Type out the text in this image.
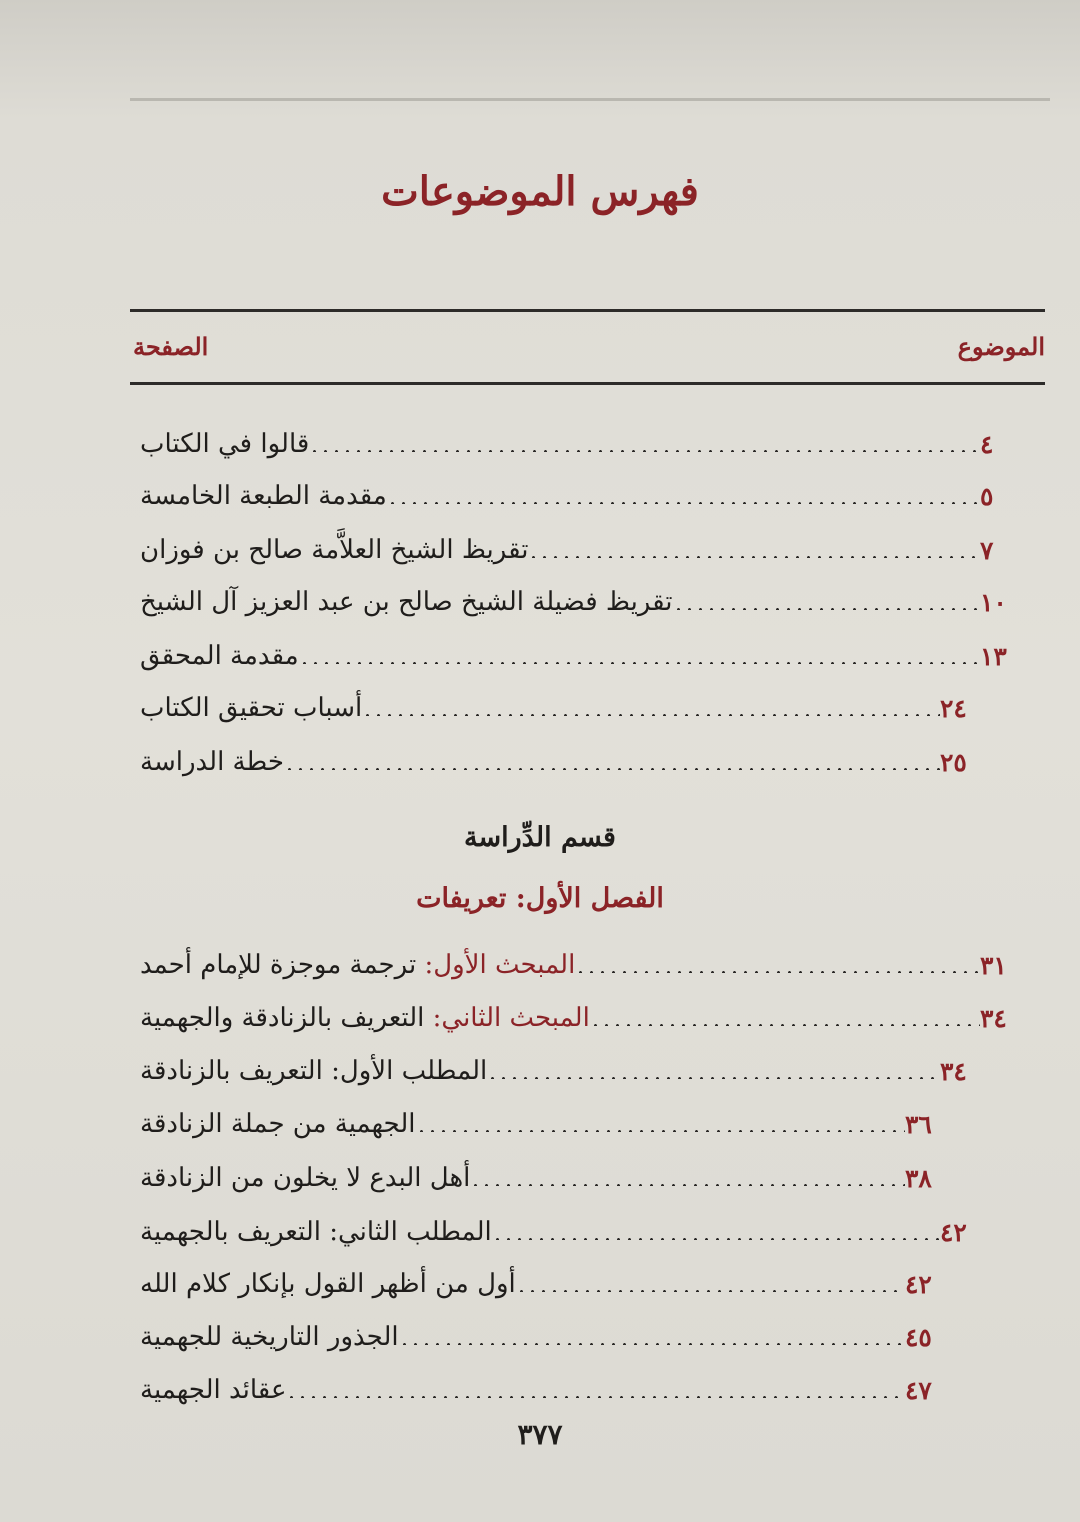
فهرس الموضوعات
الموضوع
الصفحة
قالوا في الكتاب	٤
مقدمة الطبعة الخامسة	٥
تقريظ الشيخ العلاَّمة صالح بن فوزان	٧
تقريظ فضيلة الشيخ صالح بن عبد العزيز آل الشيخ	١٠
مقدمة المحقق	١٣
أسباب تحقيق الكتاب	٢٤
خطة الدراسة	٢٥
المبحث الأول: ترجمة موجزة للإمام أحمد	٣١
المبحث الثاني: التعريف بالزنادقة والجهمية	٣٤
المطلب الأول: التعريف بالزنادقة	٣٤
الجهمية من جملة الزنادقة	٣٦
أهل البدع لا يخلون من الزنادقة	٣٨
المطلب الثاني: التعريف بالجهمية	٤٢
أول من أظهر القول بإنكار كلام الله	٤٢
الجذور التاريخية للجهمية	٤٥
عقائد الجهمية	٤٧
قسم الدِّراسة
الفصل الأول: تعريفات
٣٧٧
